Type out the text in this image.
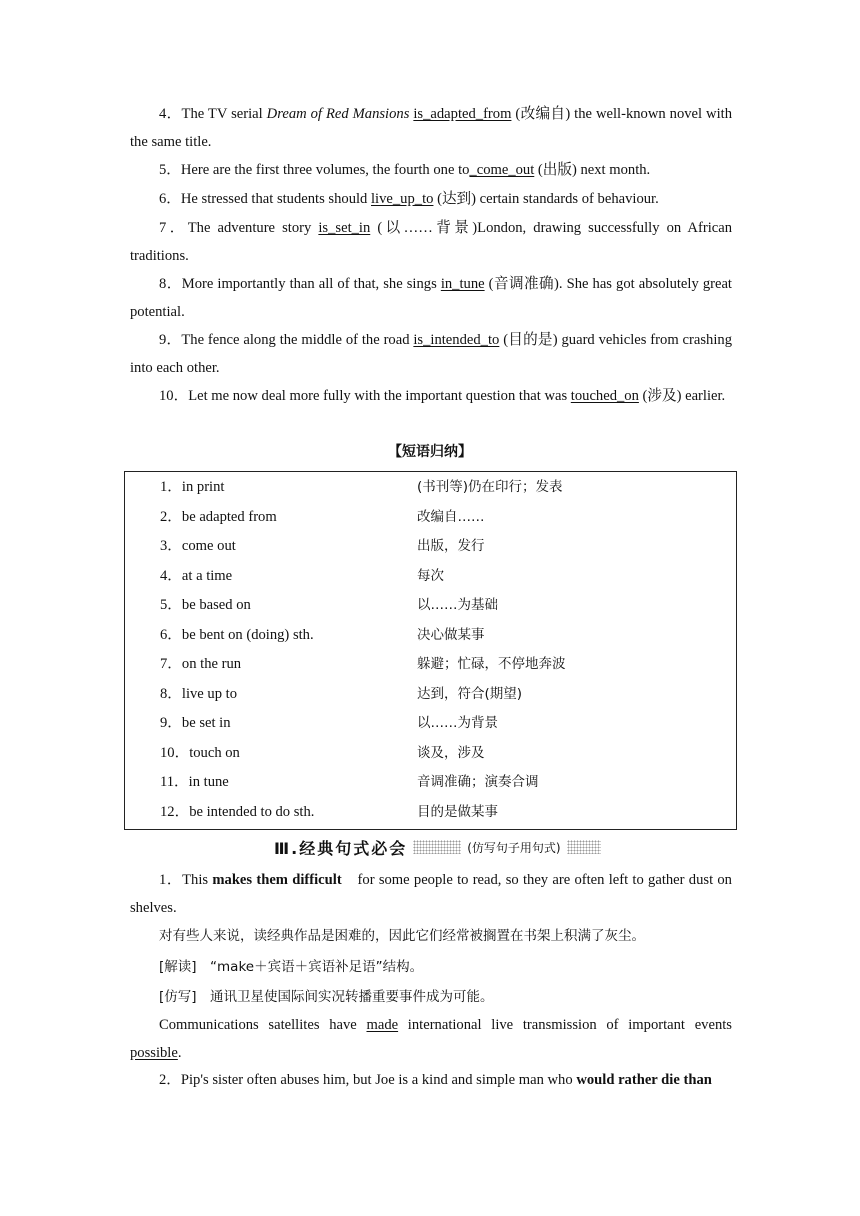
4．The TV serial Dream of Red Mansions is_adapted_from (改编自) the well-known novel with the same title.
5．Here are the first three volumes, the fourth one to_come_out (出版) next month.
6．He stressed that students should live_up_to (达到) certain standards of behaviour.
7．The adventure story is_set_in (以……背景)London, drawing successfully on African traditions.
8．More importantly than all of that, she sings in_tune (音调准确). She has got absolutely great potential.
9．The fence along the middle of the road is_intended_to (目的是) guard vehicles from crashing into each other.
10．Let me now deal more fully with the important question that was touched_on (涉及) earlier.
【短语归纳】
1．in print	(书刊等)仍在印行；发表
2．be adapted from	改编自……
3．come out	出版，发行
4．at a time	每次
5．be based on	以……为基础
6．be bent on (doing) sth.	决心做某事
7．on the run	躲避；忙碌，不停地奔波
8．live up to	达到，符合(期望)
9．be set in	以……为背景
10．touch on	谈及，涉及
11．in tune	音调准确；演奏合调
12．be intended to do sth.	目的是做某事
Ⅲ.经典句式必会	(仿写句子用句式)
1．This makes them difficult　for some people to read, so they are often left to gather dust on shelves.
对有些人来说，读经典作品是困难的，因此它们经常被搁置在书架上积满了灰尘。
[解读]　“make＋宾语＋宾语补足语”结构。
[仿写]　通讯卫星使国际间实况转播重要事件成为可能。
Communications satellites have made international live transmission of important events possible.
2．Pip's sister often abuses him, but Joe is a kind and simple man who would rather die than
